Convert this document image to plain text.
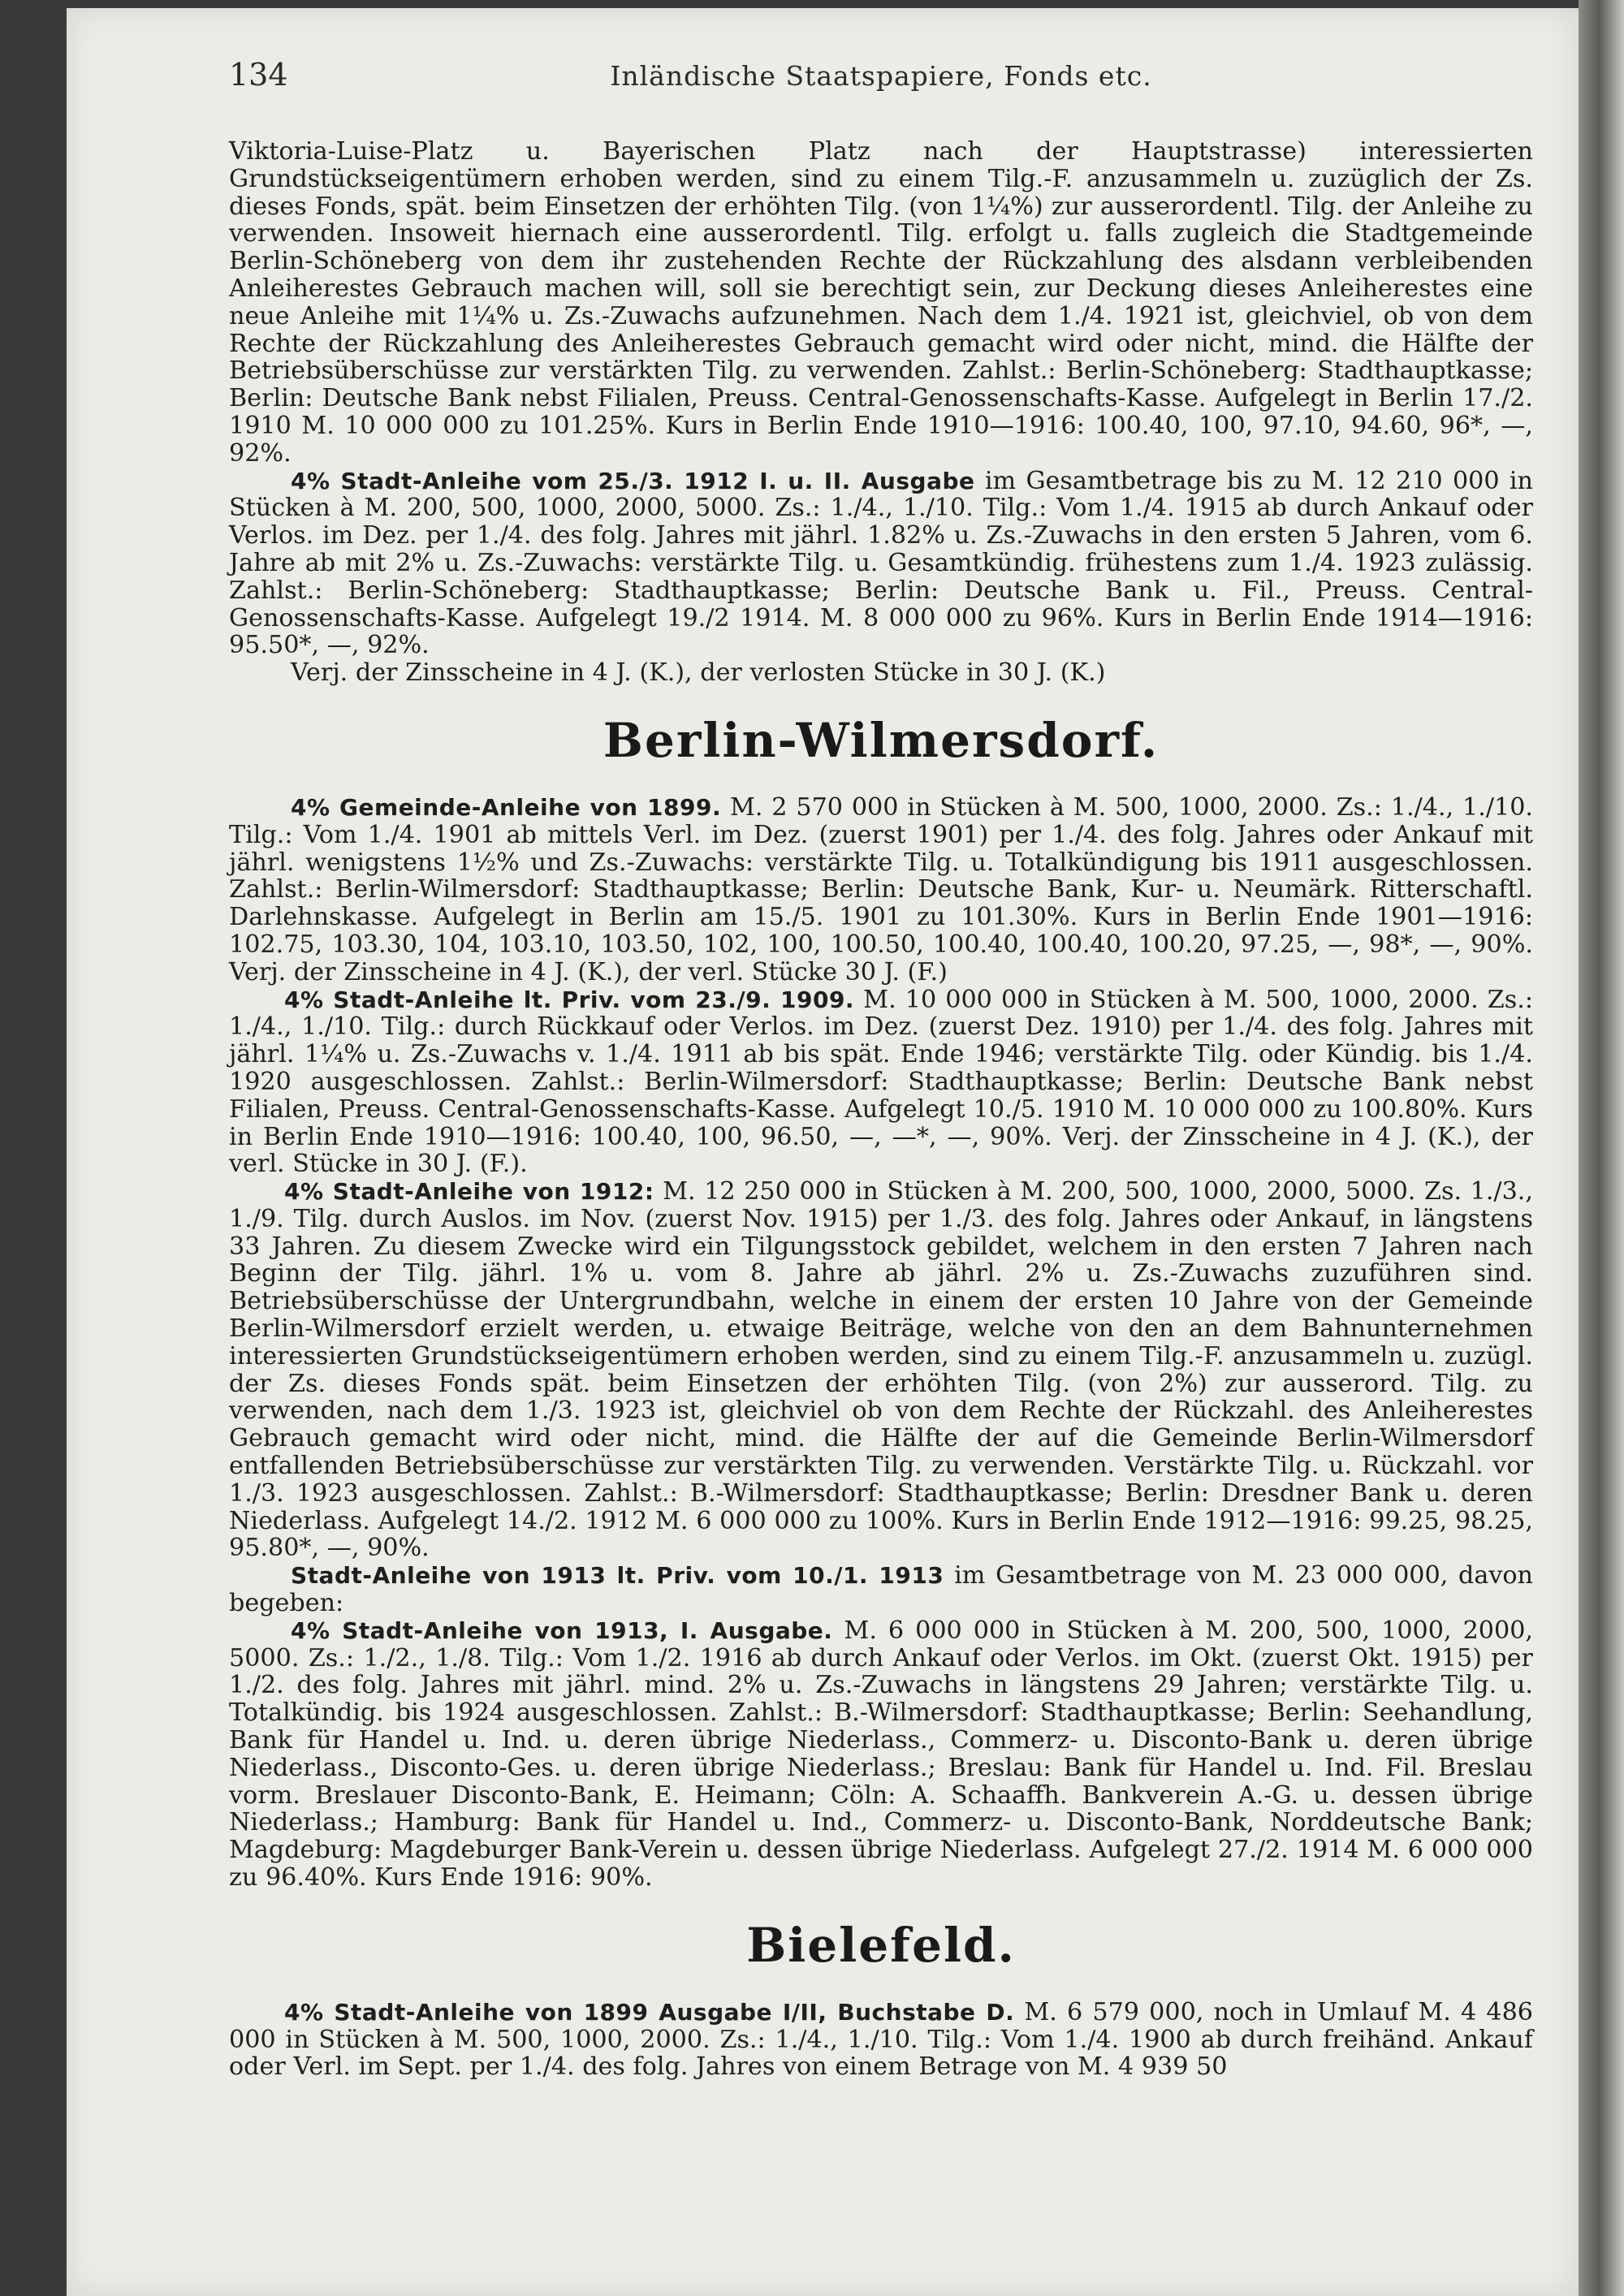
134	Inländische Staatspapiere, Fonds etc.

Viktoria-Luise-Platz u. Bayerischen Platz nach der Hauptstrasse) interessierten Grundstückseigentümern erhoben werden, sind zu einem Tilg.-F. anzusammeln u. zuzüglich der Zs. dieses Fonds, spät. beim Einsetzen der erhöhten Tilg. (von 1¼%) zur ausserordentl. Tilg. der Anleihe zu verwenden. Insoweit hiernach eine ausserordentl. Tilg. erfolgt u. falls zugleich die Stadtgemeinde Berlin-Schöneberg von dem ihr zustehenden Rechte der Rückzahlung des alsdann verbleibenden Anleiherestes Gebrauch machen will, soll sie berechtigt sein, zur Deckung dieses Anleiherestes eine neue Anleihe mit 1¼% u. Zs.-Zuwachs aufzunehmen. Nach dem 1./4. 1921 ist, gleichviel, ob von dem Rechte der Rückzahlung des Anleiherestes Gebrauch gemacht wird oder nicht, mind. die Hälfte der Betriebsüberschüsse zur verstärkten Tilg. zu verwenden. Zahlst.: Berlin-Schöneberg: Stadthauptkasse; Berlin: Deutsche Bank nebst Filialen, Preuss. Central-Genossenschafts-Kasse. Aufgelegt in Berlin 17./2. 1910 M. 10 000 000 zu 101.25%. Kurs in Berlin Ende 1910—1916: 100.40, 100, 97.10, 94.60, 96*, —, 92%.

4% Stadt-Anleihe vom 25./3. 1912 I. u. II. Ausgabe im Gesamtbetrage bis zu M. 12 210 000 in Stücken à M. 200, 500, 1000, 2000, 5000. Zs.: 1./4., 1./10. Tilg.: Vom 1./4. 1915 ab durch Ankauf oder Verlos. im Dez. per 1./4. des folg. Jahres mit jährl. 1.82% u. Zs.-Zuwachs in den ersten 5 Jahren, vom 6. Jahre ab mit 2% u. Zs.-Zuwachs: verstärkte Tilg. u. Gesamtkündig. frühestens zum 1./4. 1923 zulässig. Zahlst.: Berlin-Schöneberg: Stadthauptkasse; Berlin: Deutsche Bank u. Fil., Preuss. Central-Genossenschafts-Kasse. Aufgelegt 19./2 1914. M. 8 000 000 zu 96%. Kurs in Berlin Ende 1914—1916: 95.50*, —, 92%.

Verj. der Zinsscheine in 4 J. (K.), der verlosten Stücke in 30 J. (K.)

Berlin-Wilmersdorf.

4% Gemeinde-Anleihe von 1899. M. 2 570 000 in Stücken à M. 500, 1000, 2000. Zs.: 1./4., 1./10. Tilg.: Vom 1./4. 1901 ab mittels Verl. im Dez. (zuerst 1901) per 1./4. des folg. Jahres oder Ankauf mit jährl. wenigstens 1½% und Zs.-Zuwachs: verstärkte Tilg. u. Totalkündigung bis 1911 ausgeschlossen. Zahlst.: Berlin-Wilmersdorf: Stadthauptkasse; Berlin: Deutsche Bank, Kur- u. Neumärk. Ritterschaftl. Darlehnskasse. Aufgelegt in Berlin am 15./5. 1901 zu 101.30%. Kurs in Berlin Ende 1901—1916: 102.75, 103.30, 104, 103.10, 103.50, 102, 100, 100.50, 100.40, 100.40, 100.20, 97.25, —, 98*, —, 90%. Verj. der Zinsscheine in 4 J. (K.), der verl. Stücke 30 J. (F.)

4% Stadt-Anleihe lt. Priv. vom 23./9. 1909. M. 10 000 000 in Stücken à M. 500, 1000, 2000. Zs.: 1./4., 1./10. Tilg.: durch Rückkauf oder Verlos. im Dez. (zuerst Dez. 1910) per 1./4. des folg. Jahres mit jährl. 1¼% u. Zs.-Zuwachs v. 1./4. 1911 ab bis spät. Ende 1946; verstärkte Tilg. oder Kündig. bis 1./4. 1920 ausgeschlossen. Zahlst.: Berlin-Wilmersdorf: Stadthauptkasse; Berlin: Deutsche Bank nebst Filialen, Preuss. Central-Genossenschafts-Kasse. Aufgelegt 10./5. 1910 M. 10 000 000 zu 100.80%. Kurs in Berlin Ende 1910—1916: 100.40, 100, 96.50, —, —*, —, 90%. Verj. der Zinsscheine in 4 J. (K.), der verl. Stücke in 30 J. (F.).

4% Stadt-Anleihe von 1912: M. 12 250 000 in Stücken à M. 200, 500, 1000, 2000, 5000. Zs. 1./3., 1./9. Tilg. durch Auslos. im Nov. (zuerst Nov. 1915) per 1./3. des folg. Jahres oder Ankauf, in längstens 33 Jahren. Zu diesem Zwecke wird ein Tilgungsstock gebildet, welchem in den ersten 7 Jahren nach Beginn der Tilg. jährl. 1% u. vom 8. Jahre ab jährl. 2% u. Zs.-Zuwachs zuzuführen sind. Betriebsüberschüsse der Untergrundbahn, welche in einem der ersten 10 Jahre von der Gemeinde Berlin-Wilmersdorf erzielt werden, u. etwaige Beiträge, welche von den an dem Bahnunternehmen interessierten Grundstückseigentümern erhoben werden, sind zu einem Tilg.-F. anzusammeln u. zuzügl. der Zs. dieses Fonds spät. beim Einsetzen der erhöhten Tilg. (von 2%) zur ausserord. Tilg. zu verwenden, nach dem 1./3. 1923 ist, gleichviel ob von dem Rechte der Rückzahl. des Anleiherestes Gebrauch gemacht wird oder nicht, mind. die Hälfte der auf die Gemeinde Berlin-Wilmersdorf entfallenden Betriebsüberschüsse zur verstärkten Tilg. zu verwenden. Verstärkte Tilg. u. Rückzahl. vor 1./3. 1923 ausgeschlossen. Zahlst.: B.-Wilmersdorf: Stadthauptkasse; Berlin: Dresdner Bank u. deren Niederlass. Aufgelegt 14./2. 1912 M. 6 000 000 zu 100%. Kurs in Berlin Ende 1912—1916: 99.25, 98.25, 95.80*, —, 90%.

Stadt-Anleihe von 1913 lt. Priv. vom 10./1. 1913 im Gesamtbetrage von M. 23 000 000, davon begeben:

4% Stadt-Anleihe von 1913, I. Ausgabe. M. 6 000 000 in Stücken à M. 200, 500, 1000, 2000, 5000. Zs.: 1./2., 1./8. Tilg.: Vom 1./2. 1916 ab durch Ankauf oder Verlos. im Okt. (zuerst Okt. 1915) per 1./2. des folg. Jahres mit jährl. mind. 2% u. Zs.-Zuwachs in längstens 29 Jahren; verstärkte Tilg. u. Totalkündig. bis 1924 ausgeschlossen. Zahlst.: B.-Wilmersdorf: Stadthauptkasse; Berlin: Seehandlung, Bank für Handel u. Ind. u. deren übrige Niederlass., Commerz- u. Disconto-Bank u. deren übrige Niederlass., Disconto-Ges. u. deren übrige Niederlass.; Breslau: Bank für Handel u. Ind. Fil. Breslau vorm. Breslauer Disconto-Bank, E. Heimann; Cöln: A. Schaaffh. Bankverein A.-G. u. dessen übrige Niederlass.; Hamburg: Bank für Handel u. Ind., Commerz- u. Disconto-Bank, Norddeutsche Bank; Magdeburg: Magdeburger Bank-Verein u. dessen übrige Niederlass. Aufgelegt 27./2. 1914 M. 6 000 000 zu 96.40%. Kurs Ende 1916: 90%.

Bielefeld.

4% Stadt-Anleihe von 1899 Ausgabe I/II, Buchstabe D. M. 6 579 000, noch in Umlauf M. 4 486 000 in Stücken à M. 500, 1000, 2000. Zs.: 1./4., 1./10. Tilg.: Vom 1./4. 1900 ab durch freihänd. Ankauf oder Verl. im Sept. per 1./4. des folg. Jahres von einem Betrage von M. 4 939 50
